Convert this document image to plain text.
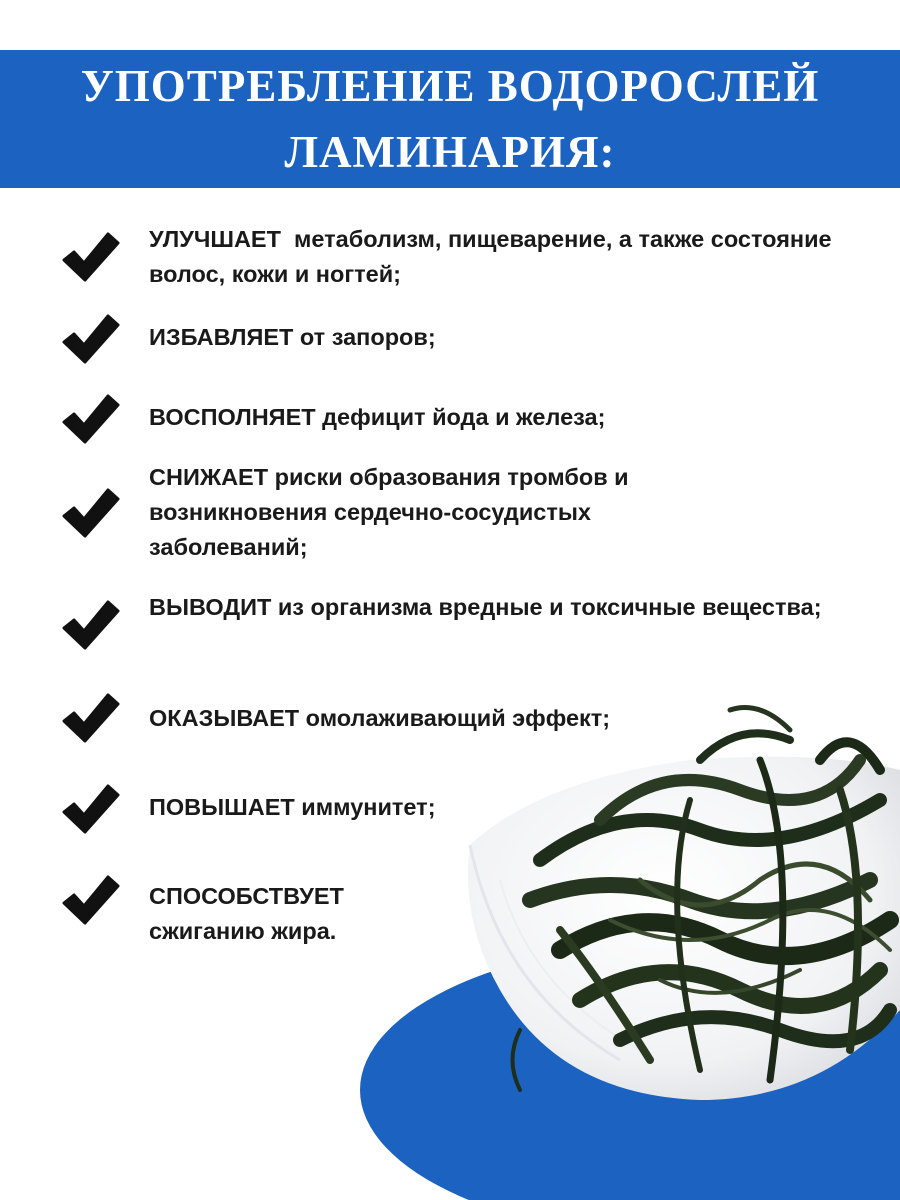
УПОТРЕБЛЕНИЕ ВОДОРОСЛЕЙ
ЛАМИНАРИЯ:
УЛУЧШАЕТ  метаболизм, пищеварение, а также состояние волос, кожи и ногтей;
ИЗБАВЛЯЕТ от запоров;
ВОСПОЛНЯЕТ дефицит йода и железа;
СНИЖАЕТ риски образования тромбов и возникновения сердечно-сосудистых заболеваний;
ВЫВОДИТ из организма вредные и токсичные вещества;
ОКАЗЫВАЕТ омолаживающий эффект;
ПОВЫШАЕТ иммунитет;
СПОСОБСТВУЕТ сжиганию жира.
